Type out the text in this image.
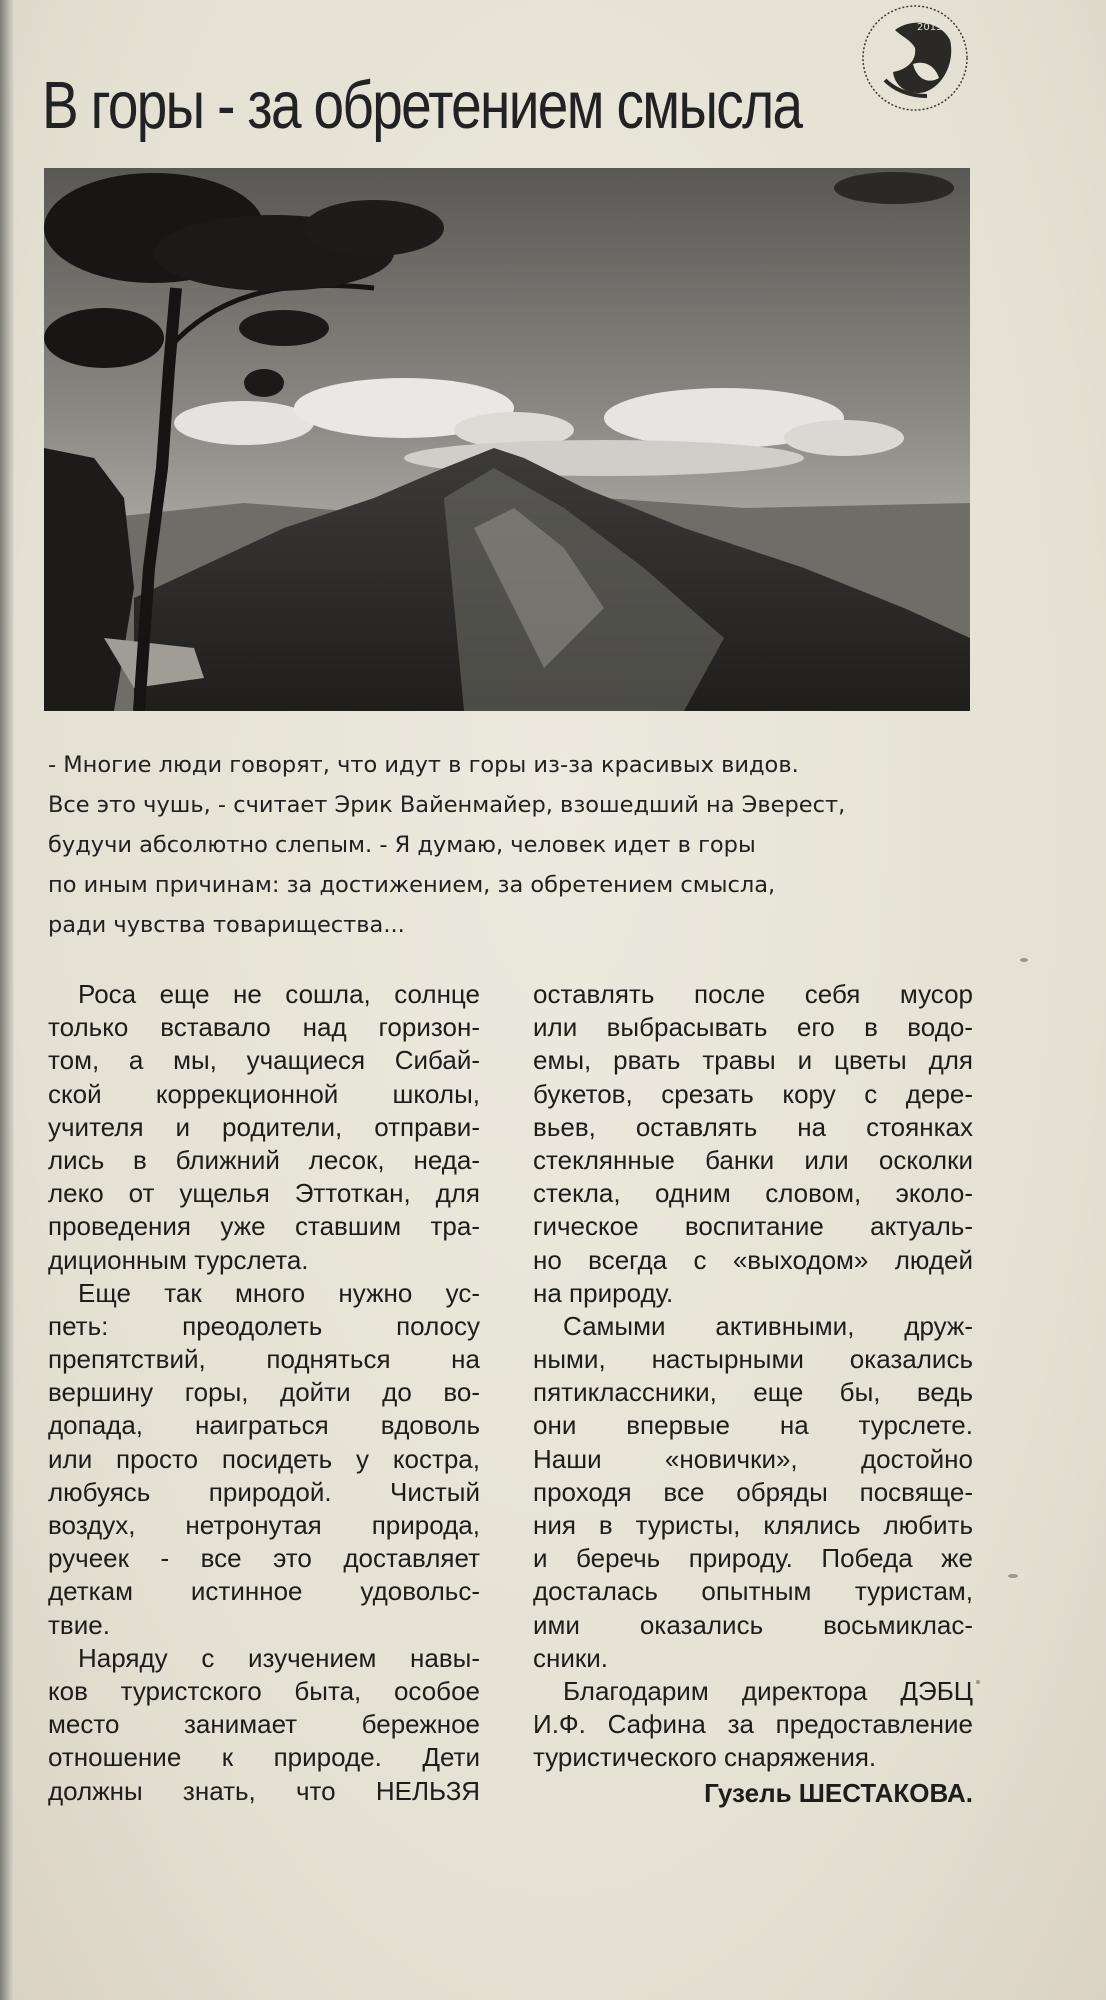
В горы - за обретением смысла
2013
- Многие люди говорят, что идут в горы из-за красивых видов.
Все это чушь, - считает Эрик Вайенмайер, взошедший на Эверест,
будучи абсолютно слепым. - Я думаю, человек идет в горы
по иным причинам: за достижением, за обретением смысла,
ради чувства товарищества...
Роса еще не сошла, солнце
только вставало над горизон-
том, а мы, учащиеся Сибай-
ской коррекционной школы,
учителя и родители, отправи-
лись в ближний лесок, неда-
леко от ущелья Эттоткан, для
проведения уже ставшим тра-
диционным турслета.
Еще так много нужно ус-
петь: преодолеть полосу
препятствий, подняться на
вершину горы, дойти до во-
допада, наиграться вдоволь
или просто посидеть у костра,
любуясь природой. Чистый
воздух, нетронутая природа,
ручеек - все это доставляет
деткам истинное удовольс-
твие.
Наряду с изучением навы-
ков туристского быта, особое
место занимает бережное
отношение к природе. Дети
должны знать, что НЕЛЬЗЯ
оставлять после себя мусор
или выбрасывать его в водо-
емы, рвать травы и цветы для
букетов, срезать кору с дере-
вьев, оставлять на стоянках
стеклянные банки или осколки
стекла, одним словом, эколо-
гическое воспитание актуаль-
но всегда с «выходом» людей
на природу.
Самыми активными, друж-
ными, настырными оказались
пятиклассники, еще бы, ведь
они впервые на турслете.
Наши «новички», достойно
проходя все обряды посвяще-
ния в туристы, клялись любить
и беречь природу. Победа же
досталась опытным туристам,
ими оказались восьмиклас-
сники.
Благодарим директора ДЭБЦ
И.Ф. Сафина за предоставление
туристического снаряжения.
Гузель ШЕСТАКОВА.
